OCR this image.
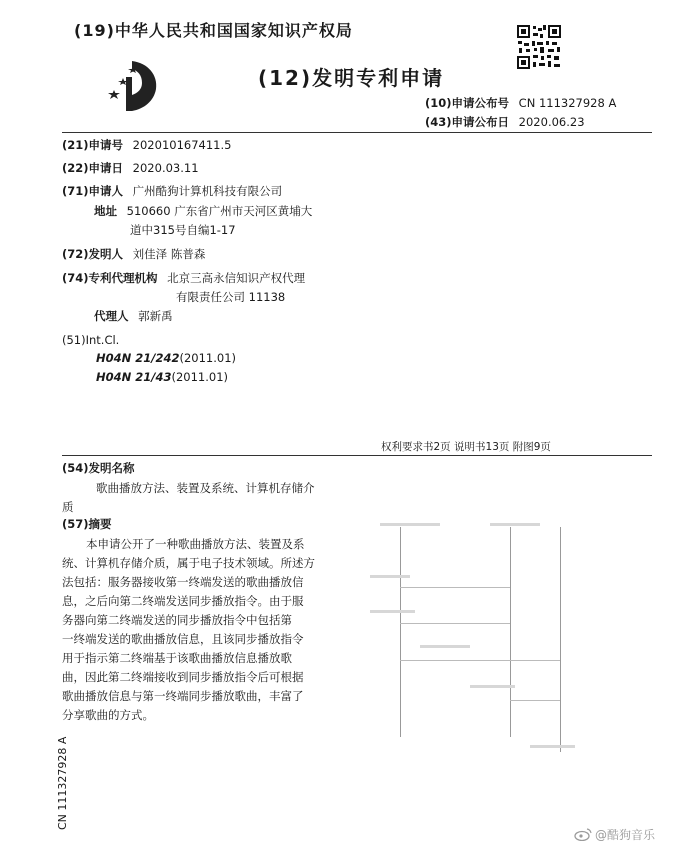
(19)中华人民共和国国家知识产权局
(12)发明专利申请
(10)申请公布号 CN 111327928 A
(43)申请公布日 2020.06.23
(21)申请号 202010167411.5
(22)申请日 2020.03.11
(71)申请人 广州酷狗计算机科技有限公司
地址 510660 广东省广州市天河区黄埔大
道中315号自编1-17
(72)发明人 刘佳泽 陈普森
(74)专利代理机构 北京三高永信知识产权代理
有限责任公司 11138
代理人 郭新禹
(51)Int.Cl.
H04N 21/242(2011.01)
H04N 21/43(2011.01)
权利要求书2页 说明书13页 附图9页
(54)发明名称
歌曲播放方法、装置及系统、计算机存储介
质
(57)摘要
本申请公开了一种歌曲播放方法、装置及系
统、计算机存储介质，属于电子技术领域。所述方
法包括：服务器接收第一终端发送的歌曲播放信
息，之后向第二终端发送同步播放指令。由于服
务器向第二终端发送的同步播放指令中包括第
一终端发送的歌曲播放信息，且该同步播放指令
用于指示第二终端基于该歌曲播放信息播放歌
曲，因此第二终端接收到同步播放指令后可根据
歌曲播放信息与第一终端同步播放歌曲，丰富了
分享歌曲的方式。
CN 111327928 A
@酷狗音乐
